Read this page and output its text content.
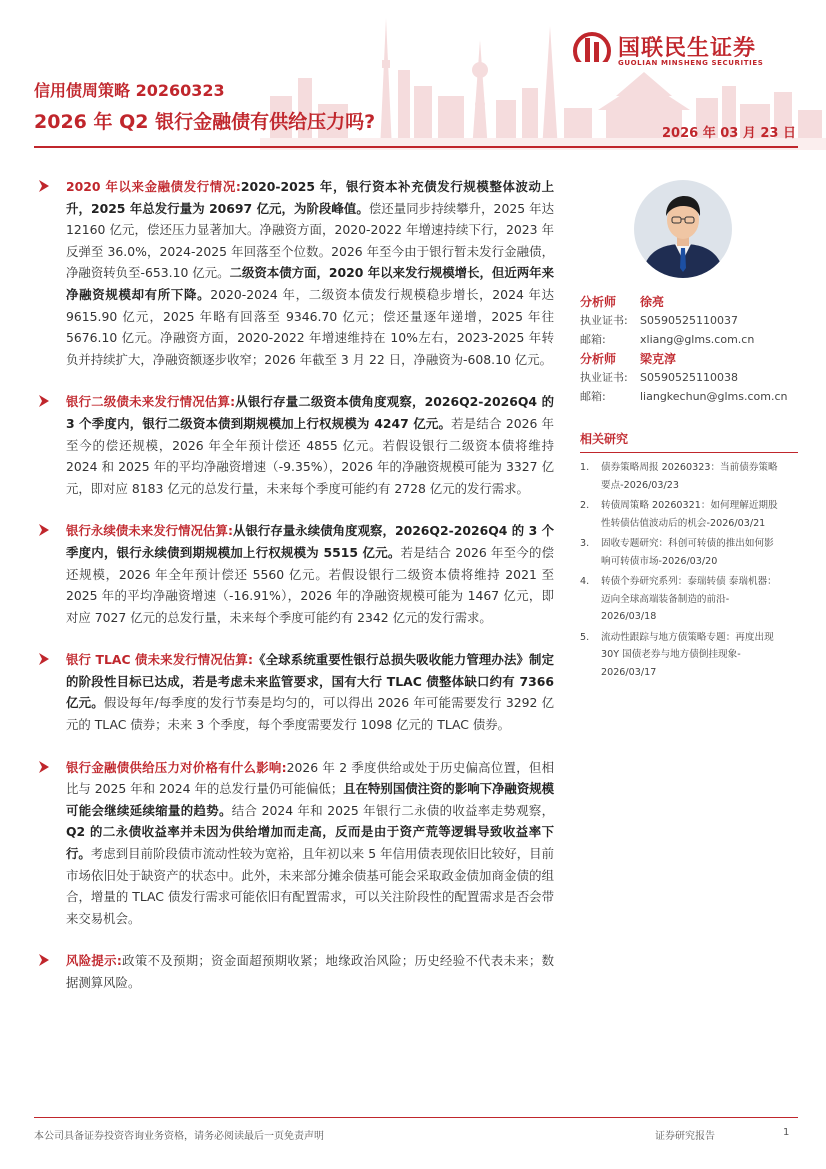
国联民生证券
GUOLIAN MINSHENG SECURITIES
信用债周策略 20260323
2026 年 Q2 银行金融债有供给压力吗?
2026 年 03 月 23 日
2020 年以来金融债发行情况:2020-2025 年，银行资本补充债发行规模整体波动上升，2025 年总发行量为 20697 亿元，为阶段峰值。偿还量同步持续攀升，2025 年达 12160 亿元，偿还压力显著加大。净融资方面，2020-2022 年增速持续下行，2023 年反弹至 36.0%，2024-2025 年回落至个位数。2026 年至今由于银行暂未发行金融债，净融资转负至-653.10 亿元。二级资本债方面，2020 年以来发行规模增长，但近两年来净融资规模却有所下降。2020-2024 年，二级资本债发行规模稳步增长，2024 年达 9615.90 亿元，2025 年略有回落至 9346.70 亿元；偿还量逐年递增，2025 年往 5676.10 亿元。净融资方面，2020-2022 年增速维持在 10%左右，2023-2025 年转负并持续扩大，净融资额逐步收窄；2026 年截至 3 月 22 日，净融资为-608.10 亿元。
银行二级债未来发行情况估算:从银行存量二级资本债角度观察，2026Q2-2026Q4 的 3 个季度内，银行二级资本债到期规模加上行权规模为 4247 亿元。若是结合 2026 年至今的偿还规模，2026 年全年预计偿还 4855 亿元。若假设银行二级资本债将维持 2024 和 2025 年的平均净融资增速（-9.35%），2026 年的净融资规模可能为 3327 亿元，即对应 8183 亿元的总发行量，未来每个季度可能约有 2728 亿元的发行需求。
银行永续债未来发行情况估算:从银行存量永续债角度观察，2026Q2-2026Q4 的 3 个季度内，银行永续债到期规模加上行权规模为 5515 亿元。若是结合 2026 年至今的偿还规模，2026 年全年预计偿还 5560 亿元。若假设银行二级资本债将维持 2021 至 2025 年的平均净融资增速（-16.91%），2026 年的净融资规模可能为 1467 亿元，即对应 7027 亿元的总发行量，未来每个季度可能约有 2342 亿元的发行需求。
银行 TLAC 债未来发行情况估算:《全球系统重要性银行总损失吸收能力管理办法》制定的阶段性目标已达成，若是考虑未来监管要求，国有大行 TLAC 债整体缺口约有 7366 亿元。假设每年/每季度的发行节奏是均匀的，可以得出 2026 年可能需要发行 3292 亿元的 TLAC 债券；未来 3 个季度，每个季度需要发行 1098 亿元的 TLAC 债券。
银行金融债供给压力对价格有什么影响:2026 年 2 季度供给或处于历史偏高位置，但相比与 2025 年和 2024 年的总发行量仍可能偏低；且在特别国债注资的影响下净融资规模可能会继续延续缩量的趋势。结合 2024 年和 2025 年银行二永债的收益率走势观察，Q2 的二永债收益率并未因为供给增加而走高，反而是由于资产荒等逻辑导致收益率下行。考虑到目前阶段债市流动性较为宽裕，且年初以来 5 年信用债表现依旧比较好，目前市场依旧处于缺资产的状态中。此外，未来部分摊余债基可能会采取政金债加商金债的组合，增量的 TLAC 债发行需求可能依旧有配置需求，可以关注阶段性的配置需求是否会带来交易机会。
风险提示:政策不及预期；资金面超预期收紧；地缘政治风险；历史经验不代表未来；数据测算风险。
分析师	徐亮
执业证书:	S0590525110037
邮箱:	xliang@glms.com.cn
分析师	梁克淳
执业证书:	S0590525110038
邮箱:	liangkechun@glms.com.cn
相关研究
1. 债券策略周报 20260323：当前债券策略
要点-2026/03/23
2. 转债周策略 20260321：如何理解近期股
性转债估值波动后的机会-2026/03/21
3. 固收专题研究：科创可转债的推出如何影
响可转债市场-2026/03/20
4. 转债个券研究系列：泰瑞转债 泰瑞机器：
迈向全球高端装备制造的前沿-
2026/03/18
5. 流动性跟踪与地方债策略专题：再度出现
30Y 国债老券与地方债倒挂现象-
2026/03/17
本公司具备证券投资咨询业务资格，请务必阅读最后一页免责声明	证券研究报告	1
